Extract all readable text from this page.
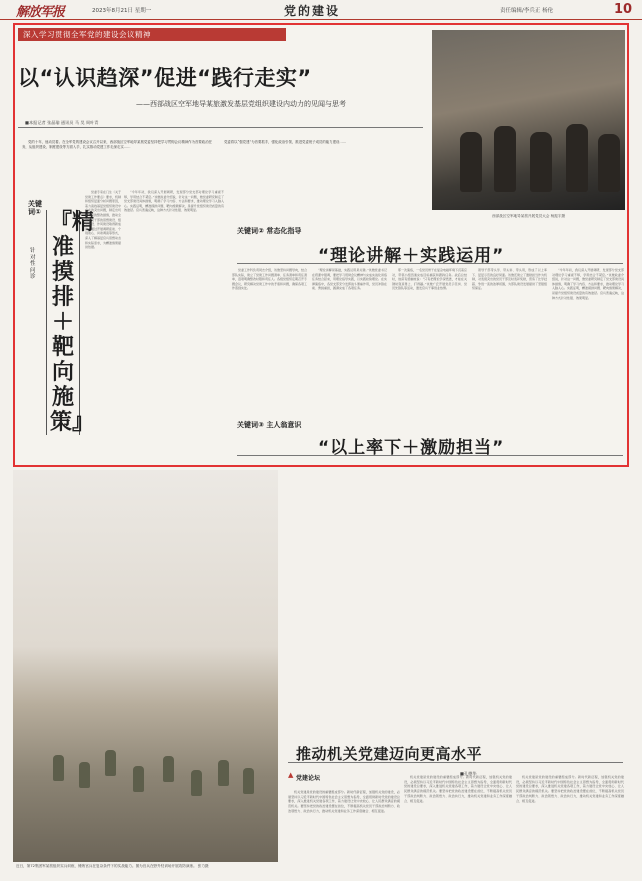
解放军报	2023年8月21日 星期一	党的建设	责任编辑/李兵正 杨伦	10
深入学习贯彻全军党的建设会议精神
以“认识趋深”促进“践行走实”
——西部战区空军地导某旅激发基层党组织建设内动力的见闻与思考
■本报记者 张晶瑜 通讯员 马 昊 周叶青

党的十年，他动员着。在全军党的建设会议召开以来，西部战区空军地导某旅党委坚持把学习贯彻会议精神作为首要政治任务，从组织建设、制度建设等方面入手，扎实推动党建工作走深走实……

党委将以“强党建”为首要抓手，强化政治引领，推进党委班子成员的能力建设……

西部战区空军地导某旅开展党员大会 杨振宇摄
关键词①
针对性问诊
『精准摸排＋靶向施策』

党委专家在门生《关于党建工作要点》要求，机制和组织层面分析问题原因，着力查找基层党组织建设中存在的突出问题，制定出切实可行的整改措施，推动全旅党员干部的思想建设、组织建设、作风建设取得新成效。通过开展调研座谈、个别谈心、问卷调查等形式，深入了解基层官兵思想动态和实际需求，为精准施策提供依据。

“今年年初，我们深入开展调研，发现部分党支部对理论学习重视不够，学用结合不紧密。”该旅政委介绍说，针对这一问题，旅党委研究制定了党支部建设具体措施，明确了学习内容、方法和要求，推动理论学习入脑入心。实践证明，精准摸排问题、靶向施策解决，是提升党组织建设质量的有效途径。官兵普遍反映，这种方式针对性强、效果明显。

关键词② 常态化指导
“理论讲解＋实践运用”

党委工作科负责同志介绍，该旅坚持问题导向，结合部队实际，建立了党建工作问题清单、任务清单和责任清单，逐项明确整改时限和责任人。各级党组织定期召开专题会议，研究解决党建工作中的矛盾和问题，确保各项工作落到实处。

“理论讲解是基础，实践运用是关键。”该旅党委书记在授课中强调，要把学习贯彻会议精神与完成实战化训练任务结合起来，用理论指导实践，以实践检验理论。在实弹演练中，各党支部充分发挥战斗堡垒作用，党员冲锋在前、勇挑重担，圆满完成了各项任务。

那一次演练，一名党员骨干在复杂电磁环境下沉着应对，带领小组迅速完成目标捕获和跟踪任务。战后总结时，他深有感触地说：“只有把理论学深悟透，才能在关键时刻顶得上、打得赢。”该旅广泛开展党员示范岗、党员先锋队等活动，激发官兵干事创业热情。

领导干部带头学、带头讲、带头用，形成了以上率下、层层示范的良好局面。该旅还建立了激励担当作为机制，对表现突出的党员干部及时表彰奖励，营造了比学赶超、争创一流的浓厚氛围，为部队建设发展提供了坚强组织保证。

“今年年初，我们深入开展调研，发现部分党支部对理论学习重视不够，学用结合不紧密。”该旅政委介绍说，针对这一问题，旅党委研究制定了党支部建设具体措施，明确了学习内容、方法和要求，推动理论学习入脑入心。实践证明，精准摸排问题、靶向施策解决，是提升党组织建设质量的有效途径。官兵普遍反映，这种方式针对性强、效果明显。

关键词③ 主人翁意识
“以上率下＋激励担当”
近日，第72集团军某旅组织实兵训练，锤炼官兵在复杂条件下的实战能力。图为官兵在野外驻训场开展攻防演练。 张力摄
推动机关党建迈向更高水平
■孔德华
▲ 党建论坛

机关党建是党的建设的重要组成部分。新时代新征程，加强机关党的建设，必须坚持以习近平新时代中国特色社会主义思想为指导，全面贯彻新时代党的建设总要求，深入推进机关党建各项工作，着力建设让党中央放心、让人民群众满意的模范机关。要坚持把党的政治建设摆在首位，不断提高机关党员干部政治判断力、政治领悟力、政治执行力，推动机关党建和业务工作深度融合、相互促进。

机关党建是党的建设的重要组成部分。新时代新征程，加强机关党的建设，必须坚持以习近平新时代中国特色社会主义思想为指导，全面贯彻新时代党的建设总要求，深入推进机关党建各项工作，着力建设让党中央放心、让人民群众满意的模范机关。要坚持把党的政治建设摆在首位，不断提高机关党员干部政治判断力、政治领悟力、政治执行力，推动机关党建和业务工作深度融合、相互促进。

机关党建是党的建设的重要组成部分。新时代新征程，加强机关党的建设，必须坚持以习近平新时代中国特色社会主义思想为指导，全面贯彻新时代党的建设总要求，深入推进机关党建各项工作，着力建设让党中央放心、让人民群众满意的模范机关。要坚持把党的政治建设摆在首位，不断提高机关党员干部政治判断力、政治领悟力、政治执行力，推动机关党建和业务工作深度融合、相互促进。
